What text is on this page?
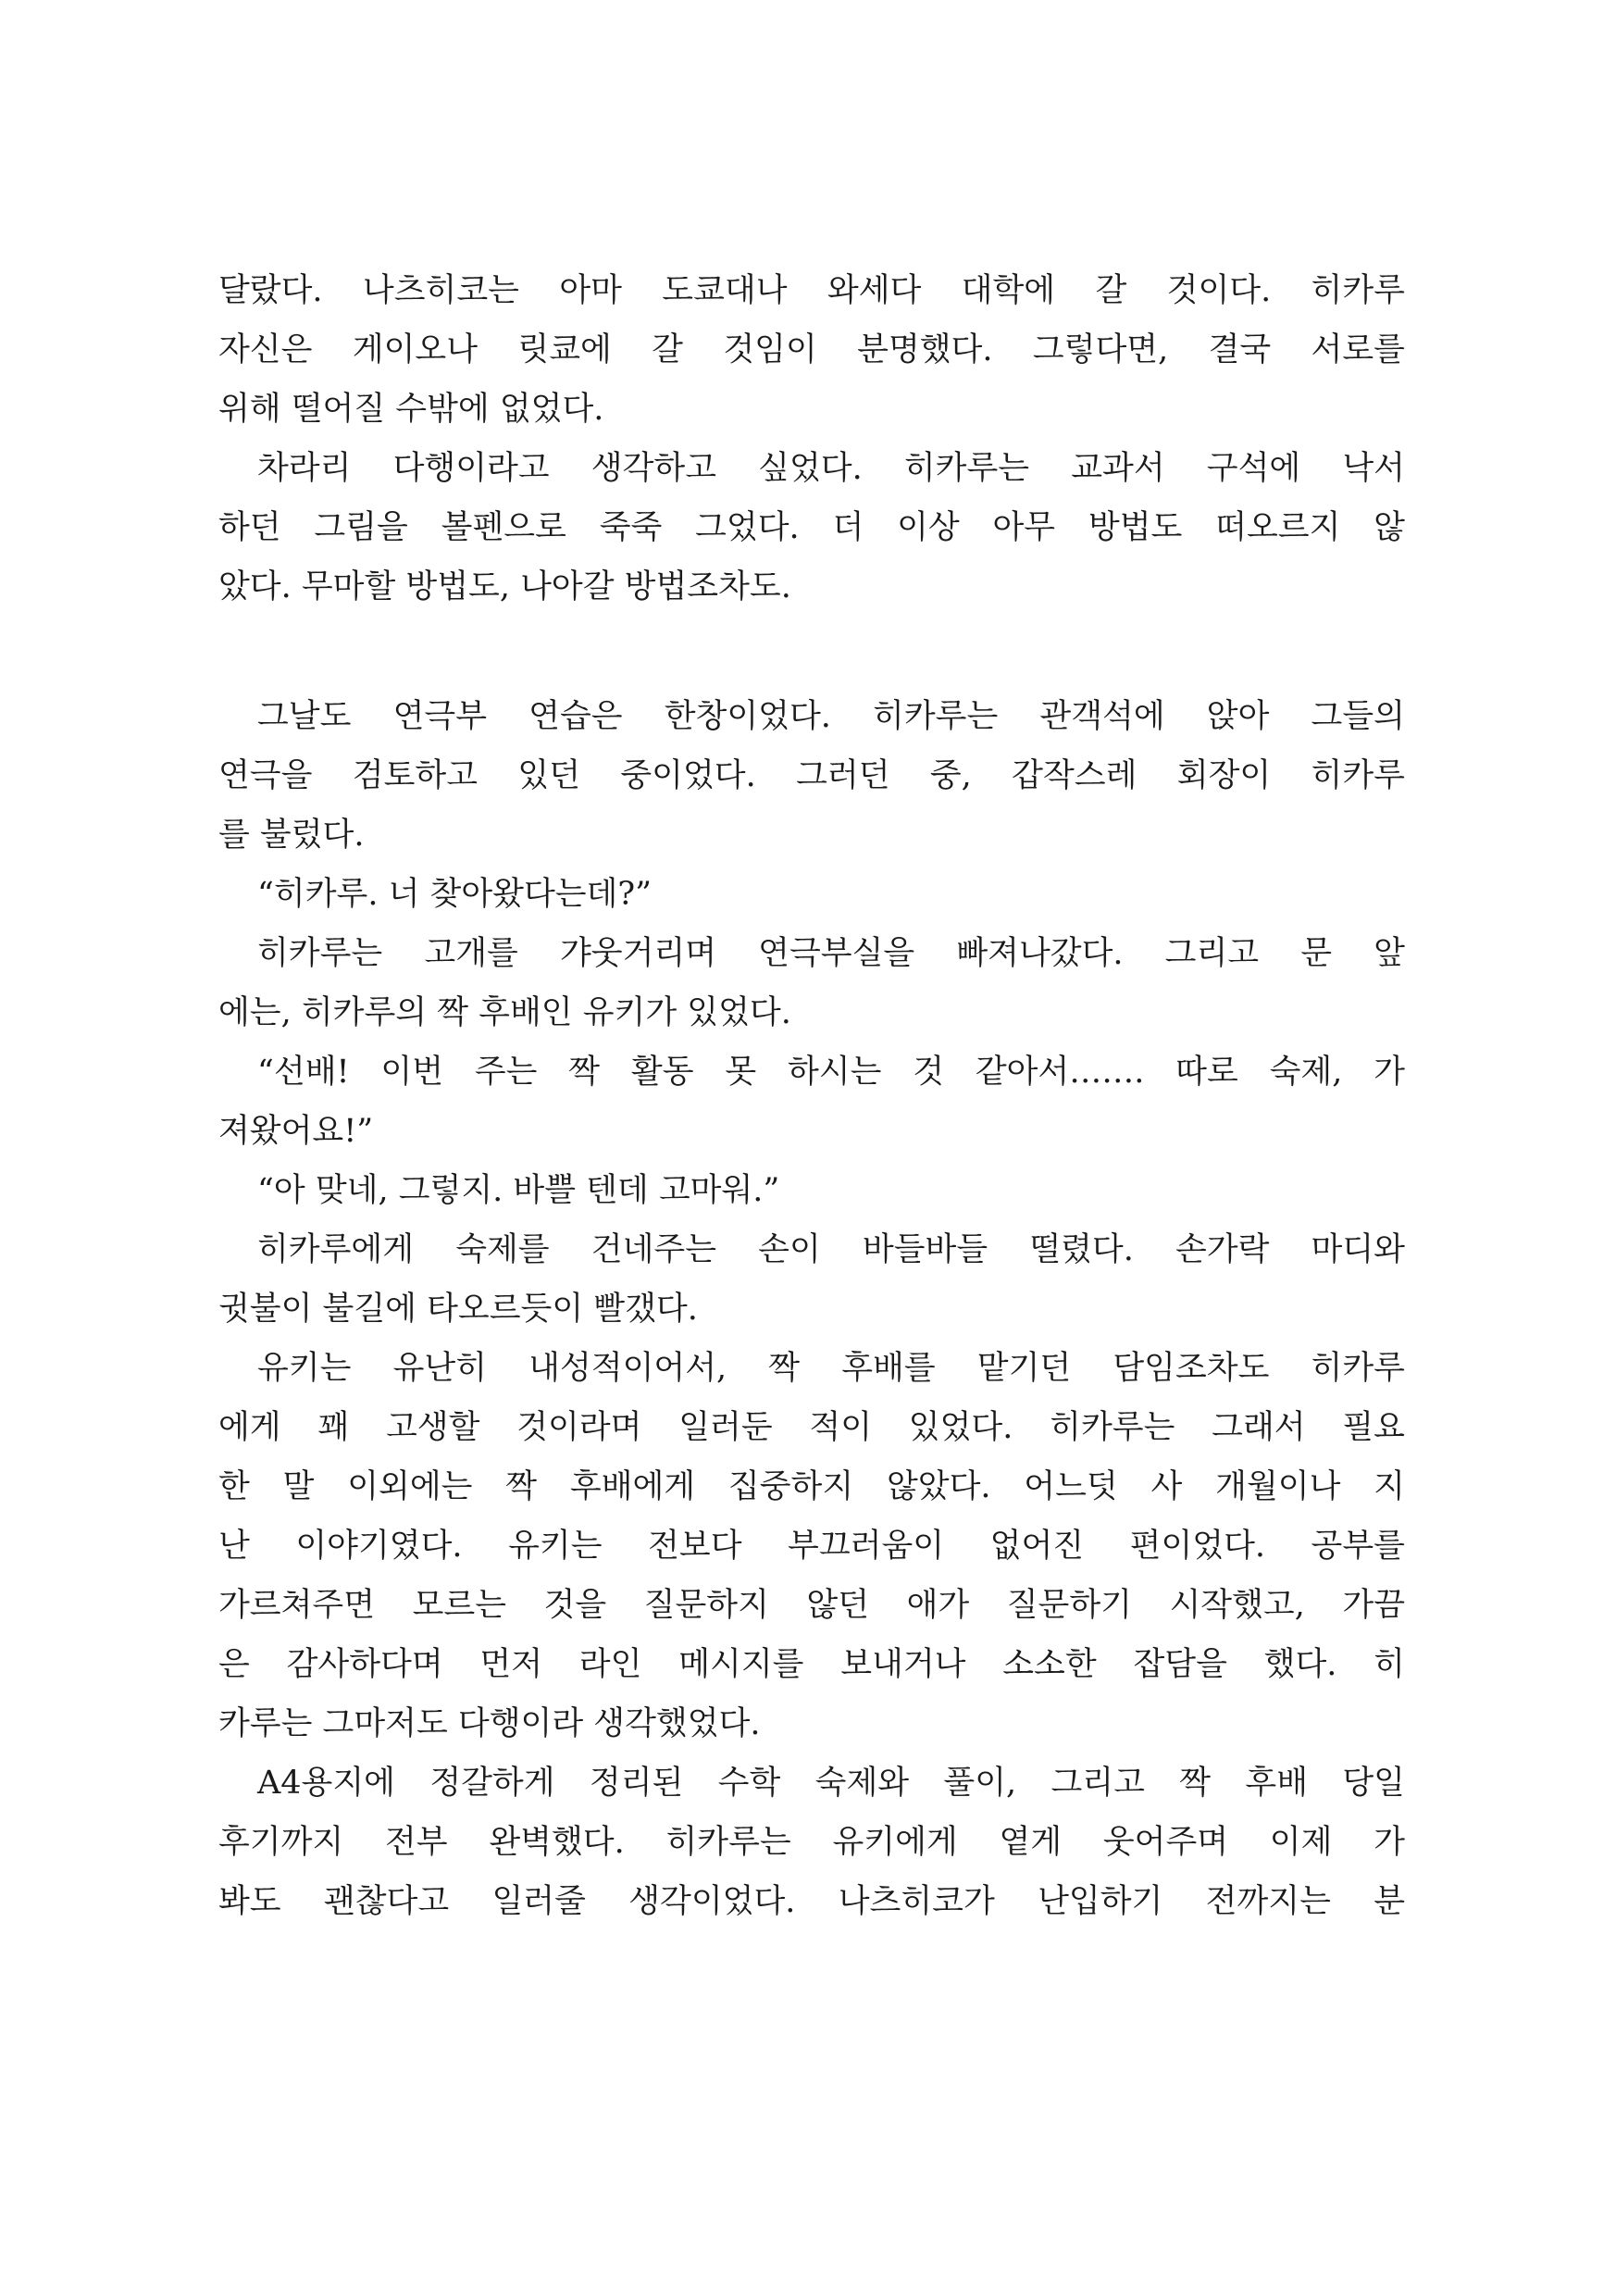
달랐다. 나츠히코는 아마 도쿄대나 와세다 대학에 갈 것이다. 히카루
자신은 게이오나 릿쿄에 갈 것임이 분명했다. 그렇다면, 결국 서로를
위해 떨어질 수밖에 없었다.
차라리 다행이라고 생각하고 싶었다. 히카루는 교과서 구석에 낙서
하던 그림을 볼펜으로 죽죽 그었다. 더 이상 아무 방법도 떠오르지 않
았다. 무마할 방법도, 나아갈 방법조차도.
그날도 연극부 연습은 한창이었다. 히카루는 관객석에 앉아 그들의
연극을 검토하고 있던 중이었다. 그러던 중, 갑작스레 회장이 히카루
를 불렀다.
“히카루. 너 찾아왔다는데?”
히카루는 고개를 갸웃거리며 연극부실을 빠져나갔다. 그리고 문 앞
에는, 히카루의 짝 후배인 유키가 있었다.
“선배! 이번 주는 짝 활동 못 하시는 것 같아서……. 따로 숙제, 가
져왔어요!”
“아 맞네, 그렇지. 바쁠 텐데 고마워.”
히카루에게 숙제를 건네주는 손이 바들바들 떨렸다. 손가락 마디와
귓불이 불길에 타오르듯이 빨갰다.
유키는 유난히 내성적이어서, 짝 후배를 맡기던 담임조차도 히카루
에게 꽤 고생할 것이라며 일러둔 적이 있었다. 히카루는 그래서 필요
한 말 이외에는 짝 후배에게 집중하지 않았다. 어느덧 사 개월이나 지
난 이야기였다. 유키는 전보다 부끄러움이 없어진 편이었다. 공부를
가르쳐주면 모르는 것을 질문하지 않던 애가 질문하기 시작했고, 가끔
은 감사하다며 먼저 라인 메시지를 보내거나 소소한 잡담을 했다. 히
카루는 그마저도 다행이라 생각했었다.
A4용지에 정갈하게 정리된 수학 숙제와 풀이, 그리고 짝 후배 당일
후기까지 전부 완벽했다. 히카루는 유키에게 옅게 웃어주며 이제 가
봐도 괜찮다고 일러줄 생각이었다. 나츠히코가 난입하기 전까지는 분
